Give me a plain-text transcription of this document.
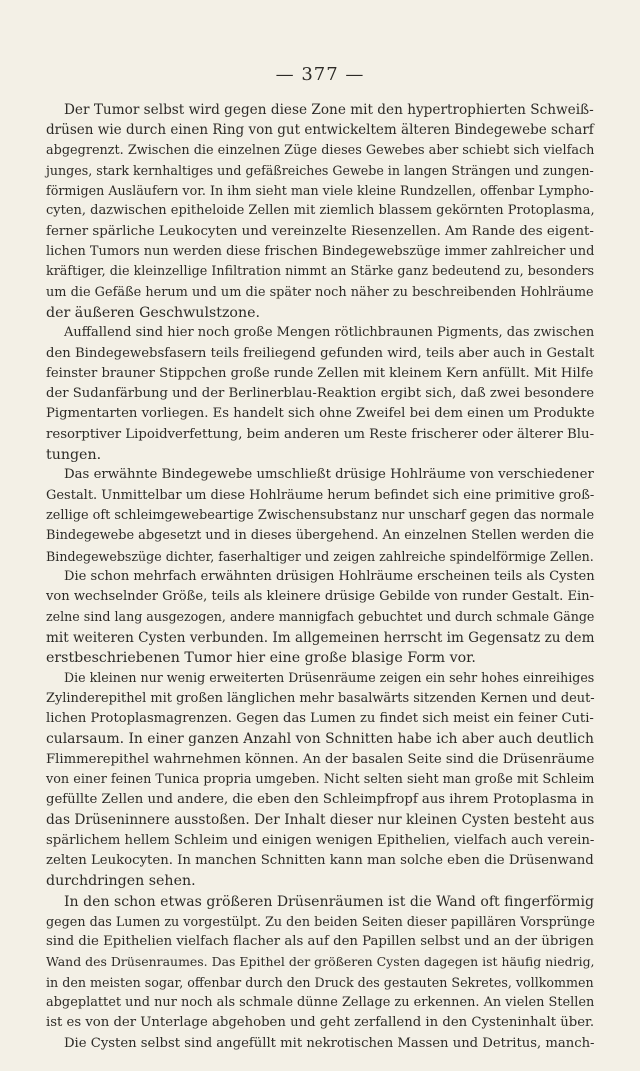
— 377 —

Der Tumor selbst wird gegen diese Zone mit den hypertrophierten Schweiß-
drüsen wie durch einen Ring von gut entwickeltem älteren Bindegewebe scharf
abgegrenzt. Zwischen die einzelnen Züge dieses Gewebes aber schiebt sich vielfach
junges, stark kernhaltiges und gefäßreiches Gewebe in langen Strängen und zungen-
förmigen Ausläufern vor. In ihm sieht man viele kleine Rundzellen, offenbar Lympho-
cyten, dazwischen epitheloide Zellen mit ziemlich blassem gekörnten Protoplasma,
ferner spärliche Leukocyten und vereinzelte Riesenzellen. Am Rande des eigent-
lichen Tumors nun werden diese frischen Bindegewebszüge immer zahlreicher und
kräftiger, die kleinzellige Infiltration nimmt an Stärke ganz bedeutend zu, besonders
um die Gefäße herum und um die später noch näher zu beschreibenden Hohlräume
der äußeren Geschwulstzone.

Auffallend sind hier noch große Mengen rötlichbraunen Pigments, das zwischen
den Bindegewebsfasern teils freiliegend gefunden wird, teils aber auch in Gestalt
feinster brauner Stippchen große runde Zellen mit kleinem Kern anfüllt. Mit Hilfe
der Sudanfärbung und der Berlinerblau-Reaktion ergibt sich, daß zwei besondere
Pigmentarten vorliegen. Es handelt sich ohne Zweifel bei dem einen um Produkte
resorptiver Lipoidverfettung, beim anderen um Reste frischerer oder älterer Blu-
tungen.

Das erwähnte Bindegewebe umschließt drüsige Hohlräume von verschiedener
Gestalt. Unmittelbar um diese Hohlräume herum befindet sich eine primitive groß-
zellige oft schleimgewebeartige Zwischensubstanz nur unscharf gegen das normale
Bindegewebe abgesetzt und in dieses übergehend. An einzelnen Stellen werden die
Bindegewebszüge dichter, faserhaltiger und zeigen zahlreiche spindelförmige Zellen.

Die schon mehrfach erwähnten drüsigen Hohlräume erscheinen teils als Cysten
von wechselnder Größe, teils als kleinere drüsige Gebilde von runder Gestalt. Ein-
zelne sind lang ausgezogen, andere mannigfach gebuchtet und durch schmale Gänge
mit weiteren Cysten verbunden. Im allgemeinen herrscht im Gegensatz zu dem
erstbeschriebenen Tumor hier eine große blasige Form vor.

Die kleinen nur wenig erweiterten Drüsenräume zeigen ein sehr hohes einreihiges
Zylinderepithel mit großen länglichen mehr basalwärts sitzenden Kernen und deut-
lichen Protoplasmagrenzen. Gegen das Lumen zu findet sich meist ein feiner Cuti-
cularsaum. In einer ganzen Anzahl von Schnitten habe ich aber auch deutlich
Flimmerepithel wahrnehmen können. An der basalen Seite sind die Drüsenräume
von einer feinen Tunica propria umgeben. Nicht selten sieht man große mit Schleim
gefüllte Zellen und andere, die eben den Schleimpfropf aus ihrem Protoplasma in
das Drüseninnere ausstoßen. Der Inhalt dieser nur kleinen Cysten besteht aus
spärlichem hellem Schleim und einigen wenigen Epithelien, vielfach auch verein-
zelten Leukocyten. In manchen Schnitten kann man solche eben die Drüsenwand
durchdringen sehen.

In den schon etwas größeren Drüsenräumen ist die Wand oft fingerförmig
gegen das Lumen zu vorgestülpt. Zu den beiden Seiten dieser papillären Vorsprünge
sind die Epithelien vielfach flacher als auf den Papillen selbst und an der übrigen
Wand des Drüsenraumes. Das Epithel der größeren Cysten dagegen ist häufig niedrig,
in den meisten sogar, offenbar durch den Druck des gestauten Sekretes, vollkommen
abgeplattet und nur noch als schmale dünne Zellage zu erkennen. An vielen Stellen
ist es von der Unterlage abgehoben und geht zerfallend in den Cysteninhalt über.

Die Cysten selbst sind angefüllt mit nekrotischen Massen und Detritus, manch-
